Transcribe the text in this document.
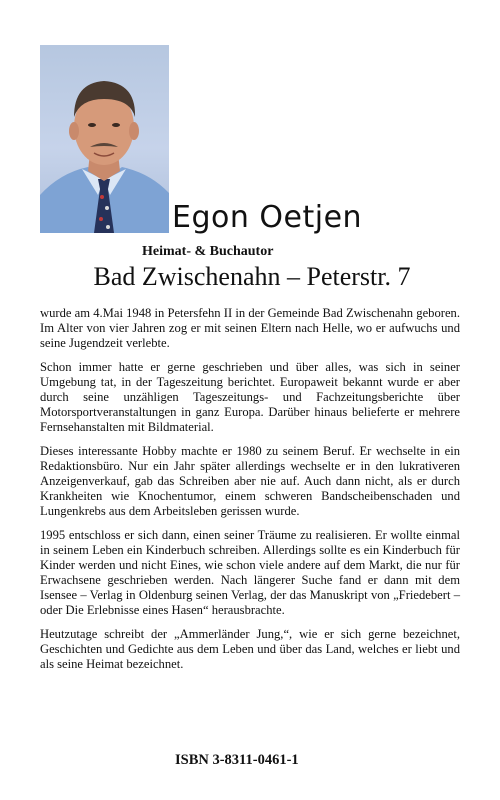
Egon Oetjen
Heimat- & Buchautor
Bad Zwischenahn – Peterstr. 7

wurde am 4.Mai 1948 in Petersfehn II in der Gemeinde Bad Zwischenahn geboren. Im Alter von vier Jahren zog er mit seinen Eltern nach Helle, wo er aufwuchs und seine Jugendzeit verlebte.

Schon immer hatte er gerne geschrieben und über alles, was sich in seiner Umgebung tat, in der Tageszeitung berichtet. Europaweit bekannt wurde er aber durch seine unzähligen Tageszeitungs- und Fachzeitungsberichte über Motorsportveranstaltungen in ganz Europa. Darüber hinaus belieferte er mehrere Fernsehanstalten mit Bildmaterial.

Dieses interessante Hobby machte er 1980 zu seinem Beruf. Er wechselte in ein Redaktionsbüro. Nur ein Jahr später allerdings wechselte er in den lukrativeren Anzeigenverkauf, gab das Schreiben aber nie auf. Auch dann nicht, als er durch Krankheiten wie Knochentumor, einem schweren Bandscheibenschaden und Lungenkrebs aus dem Arbeitsleben gerissen wurde.

1995 entschloss er sich dann, einen seiner Träume zu realisieren. Er wollte einmal in seinem Leben ein Kinderbuch schreiben. Allerdings sollte es ein Kinderbuch für Kinder werden und nicht Eines, wie schon viele andere auf dem Markt, die nur für Erwachsene geschrieben werden. Nach längerer Suche fand er dann mit dem Isensee – Verlag in Oldenburg seinen Verlag, der das Manuskript von „Friedebert – oder Die Erlebnisse eines Hasen“ herausbrachte.

Heutzutage schreibt der „Ammerländer Jung,“, wie er sich gerne bezeichnet, Geschichten und Gedichte aus dem Leben und über das Land, welches er liebt und als seine Heimat bezeichnet.

ISBN 3-8311-0461-1
